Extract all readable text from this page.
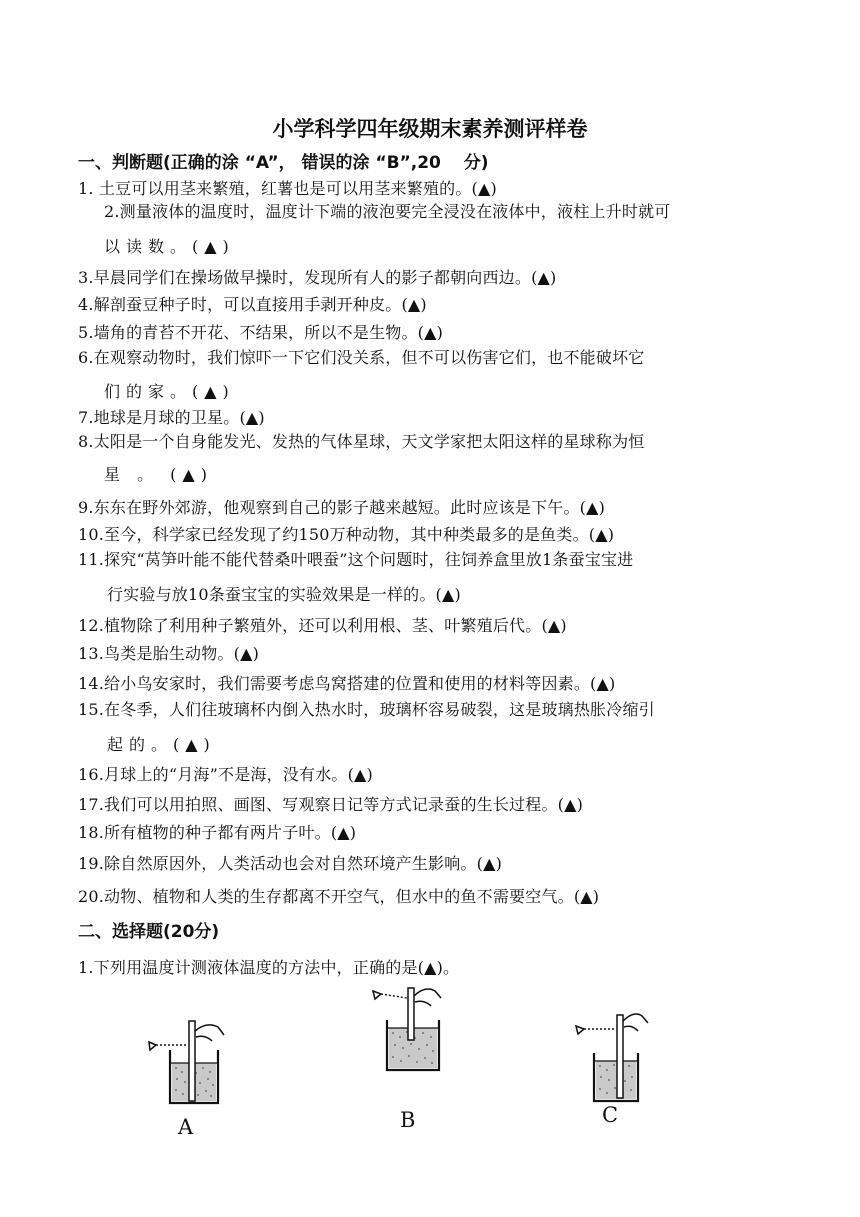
小学科学四年级期末素养测评样卷
一、判断题(正确的涂 “A”， 错误的涂 “B”,20 　分)
1. 土豆可以用茎来繁殖，红薯也是可以用茎来繁殖的。(▲)
2.测量液体的温度时，温度计下端的液泡要完全浸没在液体中，液柱上升时就可
以读数。(▲)
3.早晨同学们在操场做早操时，发现所有人的影子都朝向西边。(▲)
4.解剖蚕豆种子时，可以直接用手剥开种皮。(▲)
5.墙角的青苔不开花、不结果，所以不是生物。(▲)
6.在观察动物时，我们惊吓一下它们没关系，但不可以伤害它们，也不能破坏它
们的家。(▲)
7.地球是月球的卫星。(▲)
8.太阳是一个自身能发光、发热的气体星球，天文学家把太阳这样的星球称为恒
星 。 (▲)
9.东东在野外郊游，他观察到自己的影子越来越短。此时应该是下午。(▲)
10.至今，科学家已经发现了约150万种动物，其中种类最多的是鱼类。(▲)
11.探究“莴笋叶能不能代替桑叶喂蚕”这个问题时，往饲养盒里放1条蚕宝宝进
行实验与放10条蚕宝宝的实验效果是一样的。(▲)
12.植物除了利用种子繁殖外，还可以利用根、茎、叶繁殖后代。(▲)
13.鸟类是胎生动物。(▲)
14.给小鸟安家时，我们需要考虑鸟窝搭建的位置和使用的材料等因素。(▲)
15.在冬季，人们往玻璃杯内倒入热水时，玻璃杯容易破裂，这是玻璃热胀冷缩引
起的。(▲)
16.月球上的“月海”不是海，没有水。(▲)
17.我们可以用拍照、画图、写观察日记等方式记录蚕的生长过程。(▲)
18.所有植物的种子都有两片子叶。(▲)
19.除自然原因外，人类活动也会对自然环境产生影响。(▲)
20.动物、植物和人类的生存都离不开空气，但水中的鱼不需要空气。(▲)
二、选择题(20分)
1.下列用温度计测液体温度的方法中，正确的是(▲)。
A	B	C
